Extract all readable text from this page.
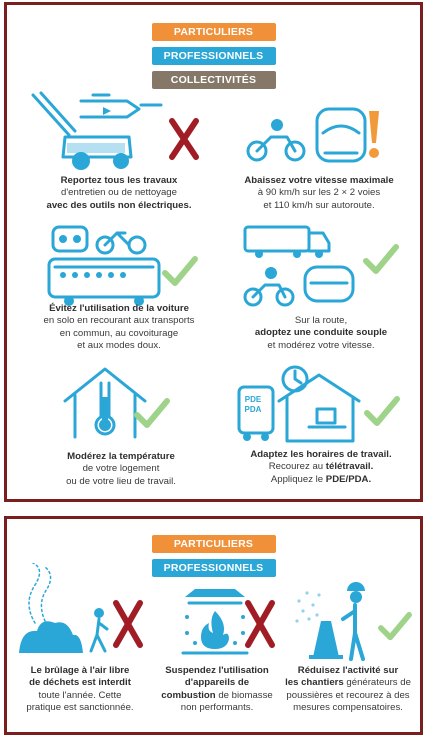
PARTICULIERS
PROFESSIONNELS
COLLECTIVITÉS
Reportez tous les travaux
d'entretien ou de nettoyage
avec des outils non électriques.
Abaissez votre vitesse maximale
à 90 km/h sur les 2 × 2 voies
et 110 km/h sur autoroute.
Évitez l'utilisation de la voiture
en solo en recourant aux transports
en commun, au covoiturage
et aux modes doux.
Sur la route,
adoptez une conduite souple
et modérez votre vitesse.
Modérez la température
de votre logement
ou de votre lieu de travail.
PDE
PDA
Adaptez les horaires de travail.
Recourez au télétravail.
Appliquez le PDE/PDA.
PARTICULIERS
PROFESSIONNELS
Le brûlage à l'air libre
de déchets est interdit
toute l'année. Cette
pratique est sanctionnée.
Suspendez l'utilisation
d'appareils de
combustion de biomasse
non performants.
Réduisez l'activité sur
les chantiers générateurs de
poussières et recourez à des
mesures compensatoires.
